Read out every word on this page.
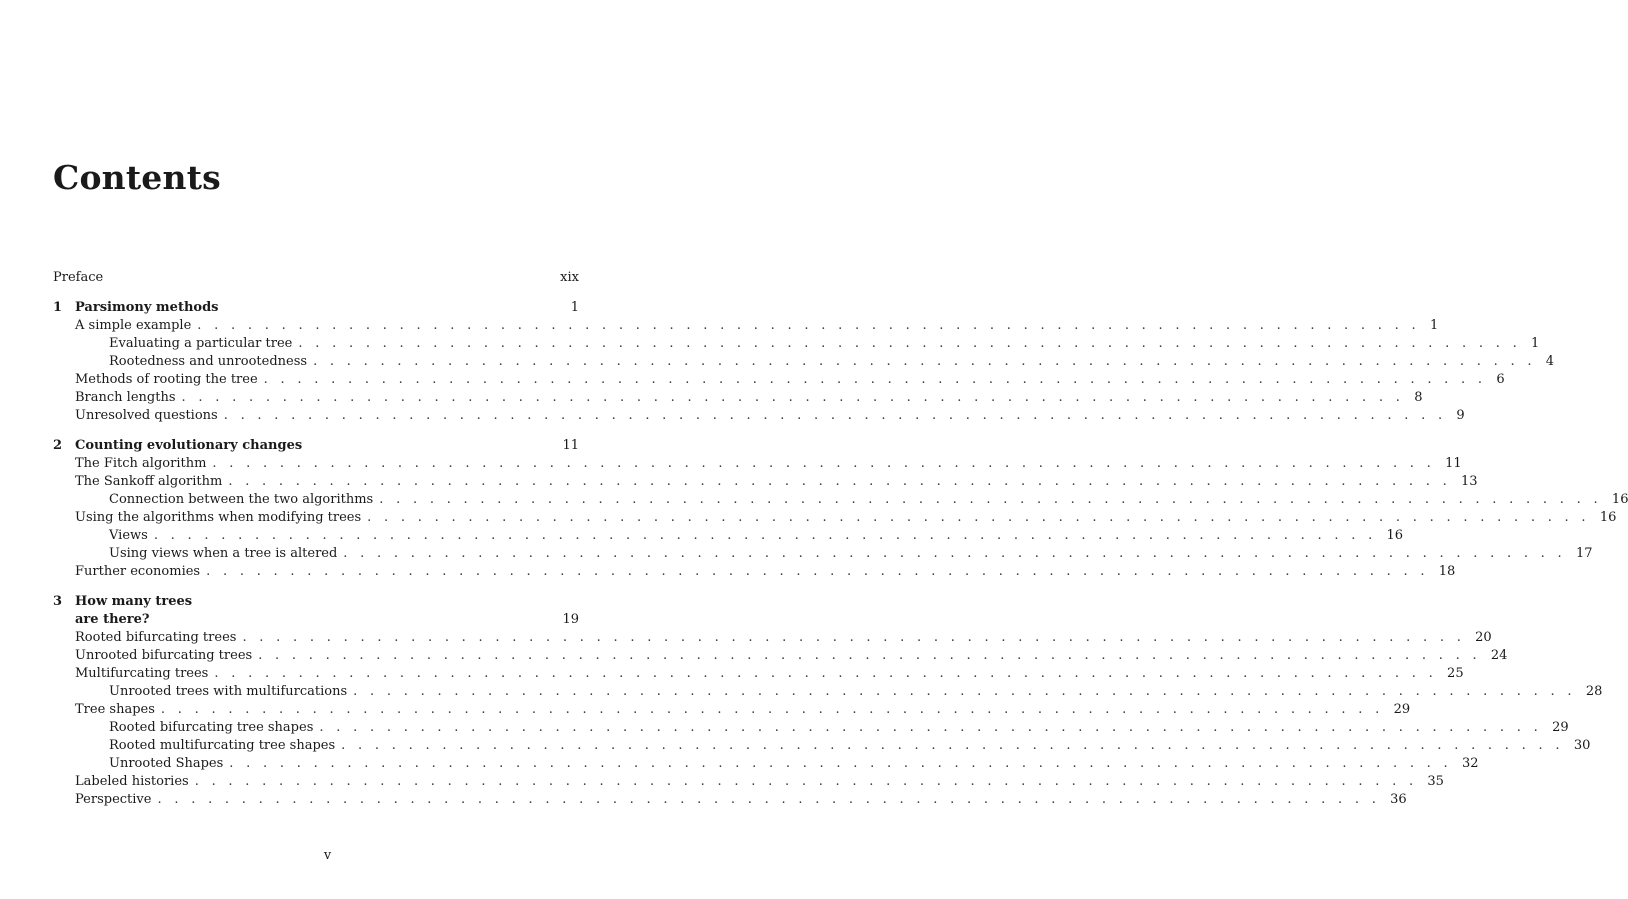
Contents
Preface	xix
1 Parsimony methods	1
A simple example . . . . . . . . . . . . . . . . . . . . . . . . . . . . . . . . . . . . . . . . . . . . . . . . . . . . . . . . . . . . . . . . . . . . . . . . . 1
Evaluating a particular tree . . . . . . . . . . . . . . . . . . . . . . . . . . . . . . . . . . . . . . . . . . . . . . . . . . . . . . . . . . . . . . . . . . . . . . . . . 1
Rootedness and unrootedness . . . . . . . . . . . . . . . . . . . . . . . . . . . . . . . . . . . . . . . . . . . . . . . . . . . . . . . . . . . . . . . . . . . . . . . . . 4
Methods of rooting the tree . . . . . . . . . . . . . . . . . . . . . . . . . . . . . . . . . . . . . . . . . . . . . . . . . . . . . . . . . . . . . . . . . . . . . . . . . 6
Branch lengths . . . . . . . . . . . . . . . . . . . . . . . . . . . . . . . . . . . . . . . . . . . . . . . . . . . . . . . . . . . . . . . . . . . . . . . . . 8
Unresolved questions . . . . . . . . . . . . . . . . . . . . . . . . . . . . . . . . . . . . . . . . . . . . . . . . . . . . . . . . . . . . . . . . . . . . . . . . . 9
2 Counting evolutionary changes	11
The Fitch algorithm . . . . . . . . . . . . . . . . . . . . . . . . . . . . . . . . . . . . . . . . . . . . . . . . . . . . . . . . . . . . . . . . . . . . . . . . . 11
The Sankoff algorithm . . . . . . . . . . . . . . . . . . . . . . . . . . . . . . . . . . . . . . . . . . . . . . . . . . . . . . . . . . . . . . . . . . . . . . . . . 13
Connection between the two algorithms . . . . . . . . . . . . . . . . . . . . . . . . . . . . . . . . . . . . . . . . . . . . . . . . . . . . . . . . . . . . . . . . . . . . . . . . . 16
Using the algorithms when modifying trees . . . . . . . . . . . . . . . . . . . . . . . . . . . . . . . . . . . . . . . . . . . . . . . . . . . . . . . . . . . . . . . . . . . . . . . . . 16
Views . . . . . . . . . . . . . . . . . . . . . . . . . . . . . . . . . . . . . . . . . . . . . . . . . . . . . . . . . . . . . . . . . . . . . . . . . 16
Using views when a tree is altered . . . . . . . . . . . . . . . . . . . . . . . . . . . . . . . . . . . . . . . . . . . . . . . . . . . . . . . . . . . . . . . . . . . . . . . . . 17
Further economies . . . . . . . . . . . . . . . . . . . . . . . . . . . . . . . . . . . . . . . . . . . . . . . . . . . . . . . . . . . . . . . . . . . . . . . . . 18
3 How many trees
are there?	19
Rooted bifurcating trees . . . . . . . . . . . . . . . . . . . . . . . . . . . . . . . . . . . . . . . . . . . . . . . . . . . . . . . . . . . . . . . . . . . . . . . . . 20
Unrooted bifurcating trees . . . . . . . . . . . . . . . . . . . . . . . . . . . . . . . . . . . . . . . . . . . . . . . . . . . . . . . . . . . . . . . . . . . . . . . . . 24
Multifurcating trees . . . . . . . . . . . . . . . . . . . . . . . . . . . . . . . . . . . . . . . . . . . . . . . . . . . . . . . . . . . . . . . . . . . . . . . . . 25
Unrooted trees with multifurcations . . . . . . . . . . . . . . . . . . . . . . . . . . . . . . . . . . . . . . . . . . . . . . . . . . . . . . . . . . . . . . . . . . . . . . . . . 28
Tree shapes . . . . . . . . . . . . . . . . . . . . . . . . . . . . . . . . . . . . . . . . . . . . . . . . . . . . . . . . . . . . . . . . . . . . . . . . . 29
Rooted bifurcating tree shapes . . . . . . . . . . . . . . . . . . . . . . . . . . . . . . . . . . . . . . . . . . . . . . . . . . . . . . . . . . . . . . . . . . . . . . . . . 29
Rooted multifurcating tree shapes . . . . . . . . . . . . . . . . . . . . . . . . . . . . . . . . . . . . . . . . . . . . . . . . . . . . . . . . . . . . . . . . . . . . . . . . . 30
Unrooted Shapes . . . . . . . . . . . . . . . . . . . . . . . . . . . . . . . . . . . . . . . . . . . . . . . . . . . . . . . . . . . . . . . . . . . . . . . . . 32
Labeled histories . . . . . . . . . . . . . . . . . . . . . . . . . . . . . . . . . . . . . . . . . . . . . . . . . . . . . . . . . . . . . . . . . . . . . . . . . 35
Perspective . . . . . . . . . . . . . . . . . . . . . . . . . . . . . . . . . . . . . . . . . . . . . . . . . . . . . . . . . . . . . . . . . . . . . . . . . 36
v
